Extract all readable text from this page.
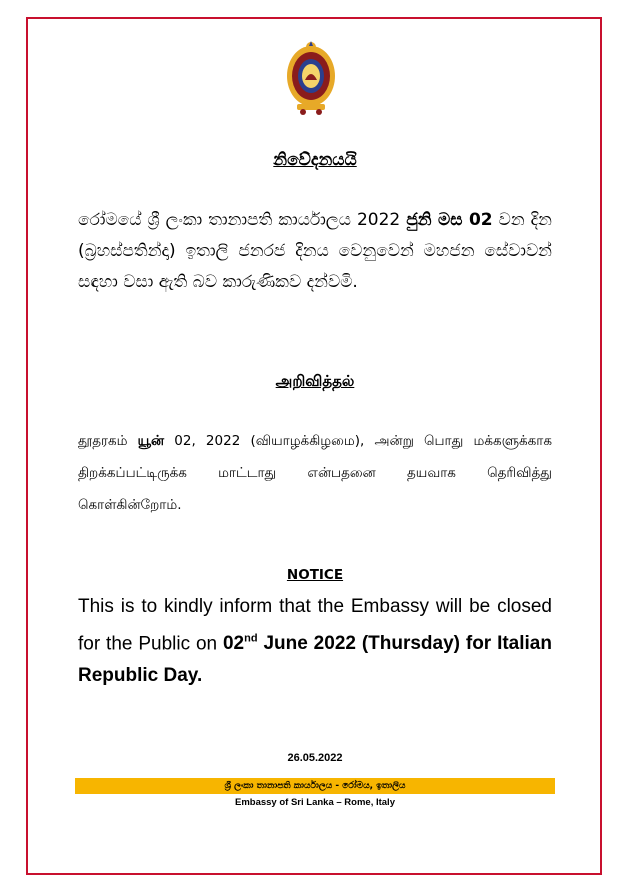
නිවේදනයයි
රෝමයේ ශ්‍රී ලංකා තානාපති කාර්යාලය 2022 ජුනි මස 02 වන දින (බ්‍රහස්පතින්දා) ඉතාලි ජනරජ දිනය වෙනුවෙන් මහජන සේවාවන් සඳහා වසා ඇති බව කාරුණිකව දන්වමි.
அறிவித்தல்
தூதரகம் யூன் 02, 2022 (வியாழக்கிழமை), அன்று பொது மக்களுக்காக திறக்கப்பட்டிருக்க மாட்டாது என்பதனை தயவாக தெரிவித்து கொள்கின்றோம்.
NOTICE
This is to kindly inform that the Embassy will be closed for the Public on 02nd June 2022 (Thursday) for Italian Republic Day.
26.05.2022
ශ්‍රී ලංකා තානාපති කාර්යාලය - රෝමය, ඉතාලිය
Embassy of Sri Lanka – Rome, Italy
